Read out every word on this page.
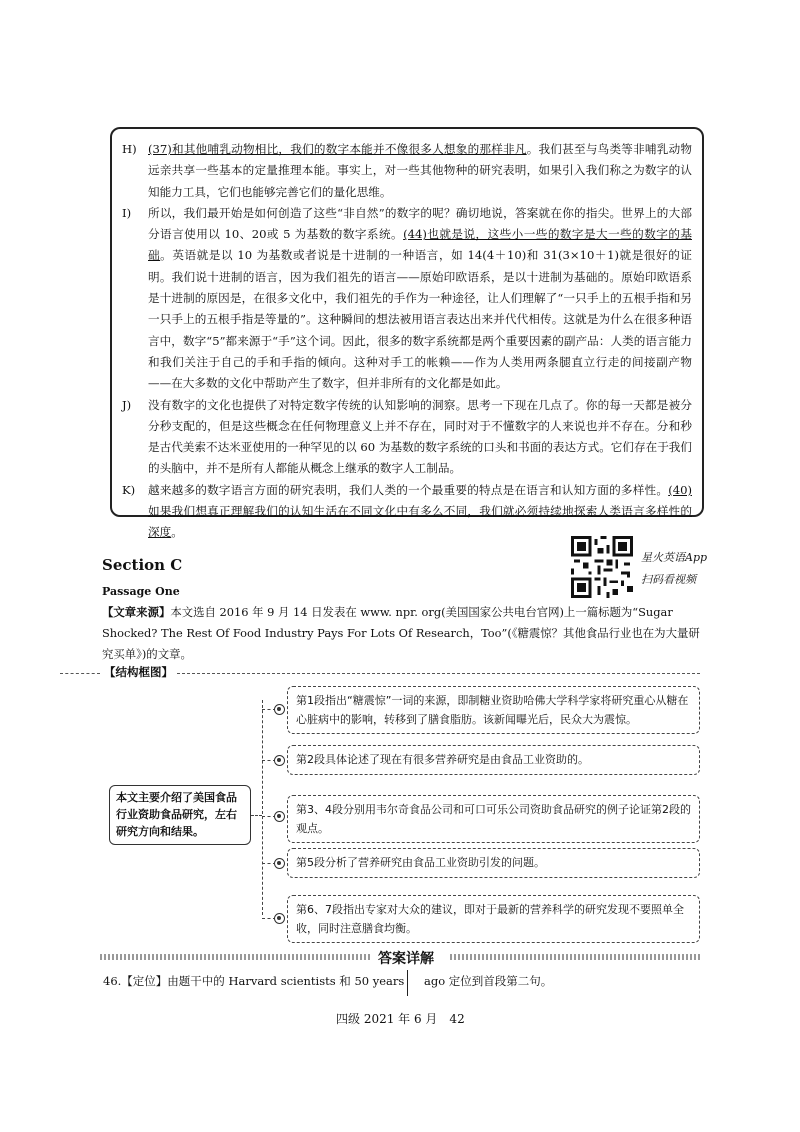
H) (37)和其他哺乳动物相比，我们的数字本能并不像很多人想象的那样非凡。我们甚至与鸟类等非哺乳动物远亲共享一些基本的定量推理本能。事实上，对一些其他物种的研究表明，如果引入我们称之为数字的认知能力工具，它们也能够完善它们的量化思维。

I) 所以，我们最开始是如何创造了这些“非自然”的数字的呢？确切地说，答案就在你的指尖。世界上的大部分语言使用以 10、20或 5 为基数的数字系统。(44)也就是说，这些小一些的数字是大一些的数字的基础。英语就是以 10 为基数或者说是十进制的一种语言，如 14(4＋10)和 31(3×10＋1)就是很好的证明。我们说十进制的语言，因为我们祖先的语言——原始印欧语系，是以十进制为基础的。原始印欧语系是十进制的原因是，在很多文化中，我们祖先的手作为一种途径，让人们理解了“一只手上的五根手指和另一只手上的五根手指是等量的”。这种瞬间的想法被用语言表达出来并代代相传。这就是为什么在很多种语言中，数字“5”都来源于“手”这个词。因此，很多的数字系统都是两个重要因素的副产品：人类的语言能力和我们关注于自己的手和手指的倾向。这种对手工的帐赖——作为人类用两条腿直立行走的间接副产物——在大多数的文化中帮助产生了数字，但并非所有的文化都是如此。

J) 没有数字的文化也提供了对特定数字传统的认知影响的洞察。思考一下现在几点了。你的每一天都是被分分秒支配的，但是这些概念在任何物理意义上并不存在，同时对于不懂数字的人来说也并不存在。分和秒是古代美索不达米亚使用的一种罕见的以 60 为基数的数字系统的口头和书面的表达方式。它们存在于我们的头脑中，并不是所有人都能从概念上继承的数字人工制品。

K) 越来越多的数字语言方面的研究表明，我们人类的一个最重要的特点是在语言和认知方面的多样性。(40)如果我们想真正理解我们的认知生活在不同文化中有多么不同，我们就必须持续地探索人类语言多样性的深度。

Section C
Passage One
星火英语App
扫码看视频
【文章来源】本文选自 2016 年 9 月 14 日发表在 www. npr. org(美国国家公共电台官网)上一篇标题为“Sugar Shocked? The Rest Of Food Industry Pays For Lots Of Research，Too”(《糖震惊？其他食品行业也在为大量研究买单》)的文章。
【结构框图】
本文主要介绍了美国食品行业资助食品研究，左右研究方向和结果。
第1段指出“糖震惊”一词的来源，即制糖业资助哈佛大学科学家将研究重心从糖在心脏病中的影响，转移到了膳食脂肪。该新闻曝光后，民众大为震惊。
第2段具体论述了现在有很多营养研究是由食品工业资助的。
第3、4段分别用韦尔奇食品公司和可口可乐公司资助食品研究的例子论证第2段的观点。
第5段分析了营养研究由食品工业资助引发的问题。
第6、7段指出专家对大众的建议，即对于最新的营养科学的研究发现不要照单全收，同时注意膳食均衡。
答案详解
46.【定位】由题干中的 Harvard scientists 和 50 years ago 定位到首段第二句。
四级 2021 年 6 月　42
